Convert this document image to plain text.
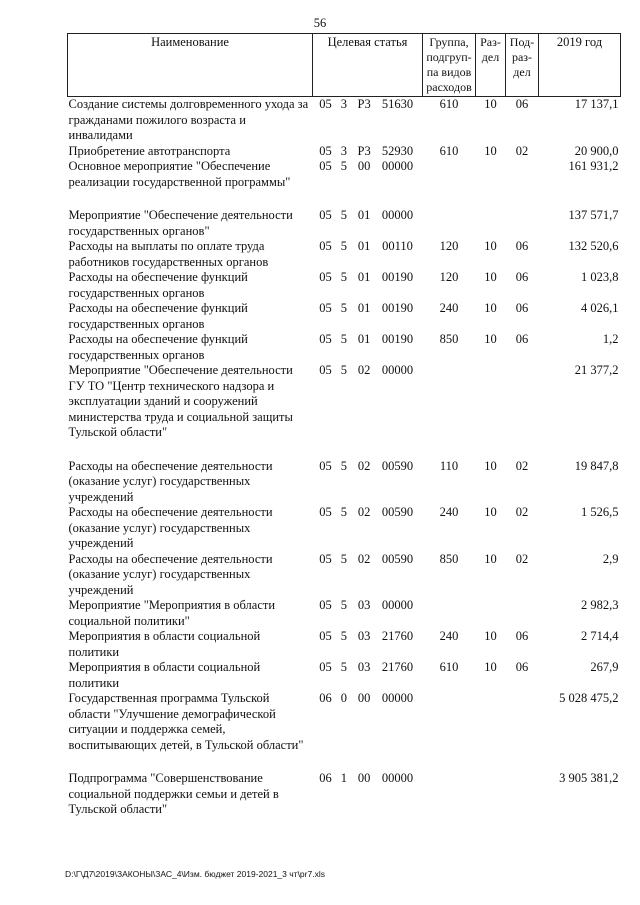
56
Наименование	Целевая статья	Группа, подгруп-па видов расходов	Раз-дел	Под-раз-дел	2019 год
Создание системы долговременного ухода за гражданами пожилого возраста и инвалидами	05 3 Р3 51630	610	10	06	17 137,1
Приобретение автотранспорта	05 3 Р3 52930	610	10	02	20 900,0
Основное мероприятие "Обеспечение реализации государственной программы"	05 5 00 00000				161 931,2

Мероприятие "Обеспечение деятельности государственных органов"	05 5 01 00000				137 571,7
Расходы на выплаты по оплате труда работников государственных органов	05 5 01 00110	120	10	06	132 520,6
Расходы на обеспечение функций государственных органов	05 5 01 00190	120	10	06	1 023,8
Расходы на обеспечение функций государственных органов	05 5 01 00190	240	10	06	4 026,1
Расходы на обеспечение функций государственных органов	05 5 01 00190	850	10	06	1,2
Мероприятие "Обеспечение деятельности ГУ ТО "Центр технического надзора и эксплуатации зданий и сооружений министерства труда и социальной защиты Тульской области"	05 5 02 00000				21 377,2

Расходы на обеспечение деятельности (оказание услуг) государственных учреждений	05 5 02 00590	110	10	02	19 847,8
Расходы на обеспечение деятельности (оказание услуг) государственных учреждений	05 5 02 00590	240	10	02	1 526,5
Расходы на обеспечение деятельности (оказание услуг) государственных учреждений	05 5 02 00590	850	10	02	2,9
Мероприятие "Мероприятия в области социальной политики"	05 5 03 00000				2 982,3
Мероприятия в области социальной политики	05 5 03 21760	240	10	06	2 714,4
Мероприятия в области социальной политики	05 5 03 21760	610	10	06	267,9
Государственная программа Тульской области "Улучшение демографической ситуации и поддержка семей, воспитывающих детей, в Тульской области"	06 0 00 00000				5 028 475,2

Подпрограмма "Совершенствование социальной поддержки семьи и детей в Тульской области"	06 1 00 00000				3 905 381,2
D:\Г\Д7\2019\ЗАКОНЫ\ЗАС_4\Изм. бюджет 2019-2021_3 чт\pr7.xls
